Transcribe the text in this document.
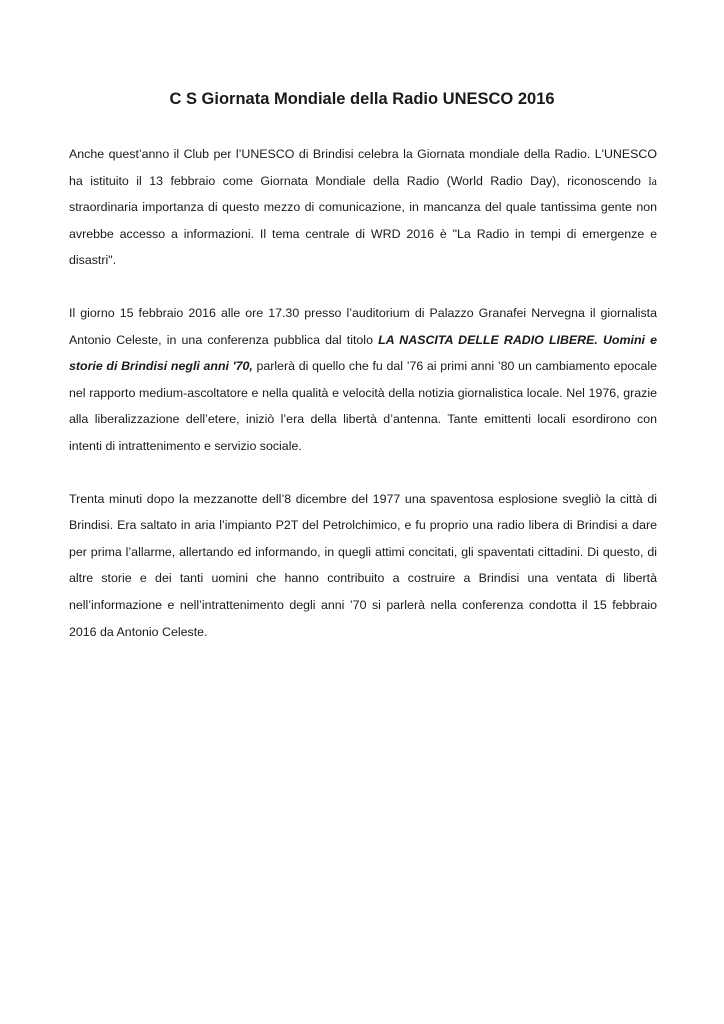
C S Giornata Mondiale della Radio UNESCO 2016

Anche quest’anno il Club per l’UNESCO di Brindisi celebra la Giornata mondiale della Radio. L'UNESCO ha istituito il 13 febbraio come Giornata Mondiale della Radio (World Radio Day), riconoscendo la straordinaria importanza di questo mezzo di comunicazione, in mancanza del quale tantissima gente non avrebbe accesso a informazioni. Il tema centrale di WRD 2016 è "La Radio in tempi di emergenze e disastri".

Il giorno 15 febbraio 2016 alle ore 17.30 presso l’auditorium di Palazzo Granafei Nervegna il giornalista Antonio Celeste, in una conferenza pubblica dal titolo LA NASCITA DELLE RADIO LIBERE. Uomini e storie di Brindisi negli anni '70, parlerà di quello che fu dal ’76 ai primi anni ’80 un cambiamento epocale nel rapporto medium-ascoltatore e nella qualità e velocità della notizia giornalistica locale. Nel 1976, grazie alla liberalizzazione dell’etere, iniziò l’era della libertà d’antenna. Tante emittenti locali esordirono con intenti di intrattenimento e servizio sociale.

Trenta minuti dopo la mezzanotte dell’8 dicembre del 1977 una spaventosa esplosione svegliò la città di Brindisi. Era saltato in aria l’impianto P2T del Petrolchimico, e fu proprio una radio libera di Brindisi a dare per prima l’allarme, allertando ed informando, in quegli attimi concitati, gli spaventati cittadini. Di questo, di altre storie e dei tanti uomini che hanno contribuito a costruire a Brindisi una ventata di libertà nell’informazione e nell’intrattenimento degli anni ’70 si parlerà nella conferenza condotta il 15 febbraio 2016 da Antonio Celeste.
